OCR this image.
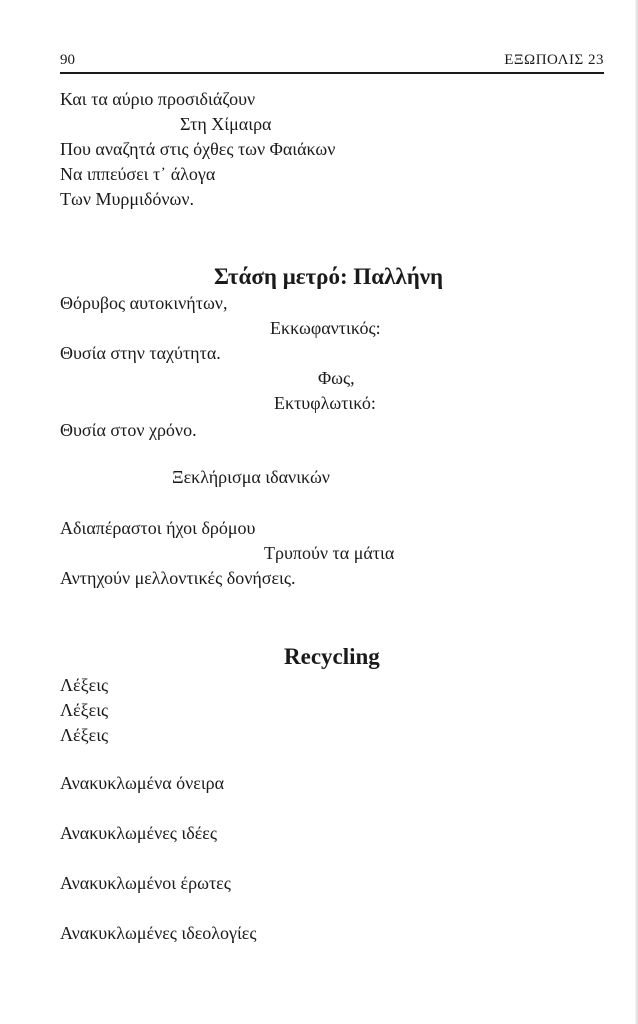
90	ΕΞΩΠΟΛΙΣ 23
Και τα αύριο προσιδιάζουν
Στη Χίμαιρα
Που αναζητά στις όχθες των Φαιάκων
Να ιππεύσει τ᾽ άλογα
Των Μυρμιδόνων.
Στάση μετρό: Παλλήνη
Θόρυβος αυτοκινήτων,
Εκκωφαντικός:
Θυσία στην ταχύτητα.
Φως,
Εκτυφλωτικό:
Θυσία στον χρόνο.
Ξεκλήρισμα ιδανικών
Αδιαπέραστοι ήχοι δρόμου
Τρυπούν τα μάτια
Αντηχούν μελλοντικές δονήσεις.
Recycling
Λέξεις
Λέξεις
Λέξεις
Ανακυκλωμένα όνειρα
Ανακυκλωμένες ιδέες
Ανακυκλωμένοι έρωτες
Ανακυκλωμένες ιδεολογίες
